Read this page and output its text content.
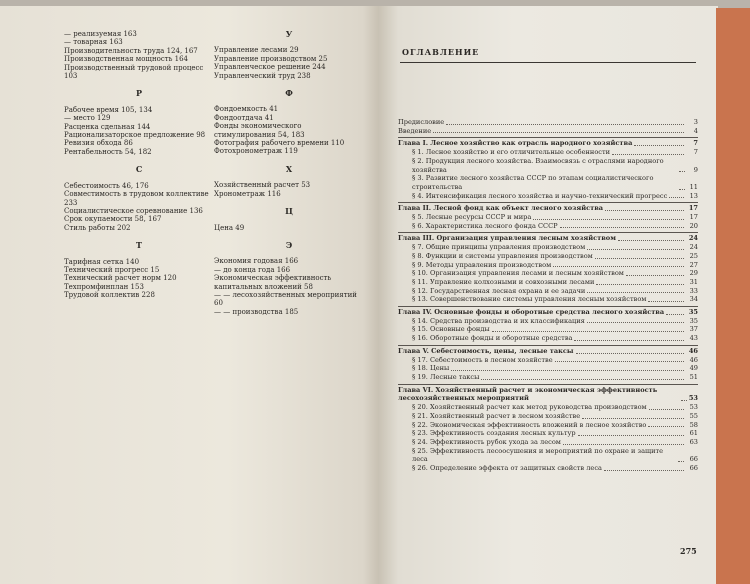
— реализуемая 163
— товарная 163
Производительность труда 124, 167
Производственная мощность 164
Производственный трудовой процесс 103
Р
Рабочее время 105, 134
— место 129
Расценка сдельная 144
Рационализаторское предложение 98
Ревизия обхода 86
Рентабельность 54, 182
С
Себестоимость 46, 176
Совместимость в трудовом коллективе 233
Социалистическое соревнование 136
Срок окупаемости 58, 167
Стиль работы 202
Т
Тарифная сетка 140
Технический прогресс 15
Технический расчет норм 120
Техпромфинплан 153
Трудовой коллектив 228
У
Управление лесами 29
Управление производством 25
Управленческое решение 244
Управленческий труд 238
Ф
Фондоемкость 41
Фондоотдача 41
Фонды экономического стимулирования 54, 183
Фотография рабочего времени 110
Фотохронометраж 119
Х
Хозяйственный расчет 53
Хронометраж 116
Ц
Цена 49
Э
Экономия годовая 166
— до конца года 166
Экономическая эффективность капитальных вложений 58
— — лесохозяйственных мероприятий 60
— — производства 185
ОГЛАВЛЕНИЕ
Предисловие	3
Введение	4
Глава I. Лесное хозяйство как отрасль народного хозяйства	7
§ 1. Лесное хозяйство и его отличительные особенности	7
§ 2. Продукция лесного хозяйства. Взаимосвязь с отраслями народного хозяйства	9
§ 3. Развитие лесного хозяйства СССР по этапам социалистического строительства	11
§ 4. Интенсификация лесного хозяйства и научно-технический прогресс	13
Глава II. Лесной фонд как объект лесного хозяйства	17
§ 5. Лесные ресурсы СССР и мира	17
§ 6. Характеристика лесного фонда СССР	20
Глава III. Организация управления лесным хозяйством	24
§ 7. Общие принципы управления производством	24
§ 8. Функции и системы управления производством	25
§ 9. Методы управления производством	27
§ 10. Организация управления лесами и лесным хозяйством	29
§ 11. Управление колхозными и совхозными лесами	31
§ 12. Государственная лесная охрана и ее задачи	33
§ 13. Совершенствование системы управления лесным хозяйством	34
Глава IV. Основные фонды и оборотные средства лесного хозяйства	35
§ 14. Средства производства и их классификация	35
§ 15. Основные фонды	37
§ 16. Оборотные фонды и оборотные средства	43
Глава V. Себестоимость, цены, лесные таксы	46
§ 17. Себестоимость в лесном хозяйстве	46
§ 18. Цены	49
§ 19. Лесные таксы	51
Глава VI. Хозяйственный расчет и экономическая эффективность лесохозяйственных мероприятий	53
§ 20. Хозяйственный расчет как метод руководства производством	53
§ 21. Хозяйственный расчет в лесном хозяйстве	55
§ 22. Экономическая эффективность вложений в лесное хозяйство	58
§ 23. Эффективность создания лесных культур	61
§ 24. Эффективность рубок ухода за лесом	63
§ 25. Эффективность лесоосушения и мероприятий по охране и защите леса	66
§ 26. Определение эффекта от защитных свойств леса	66
275
